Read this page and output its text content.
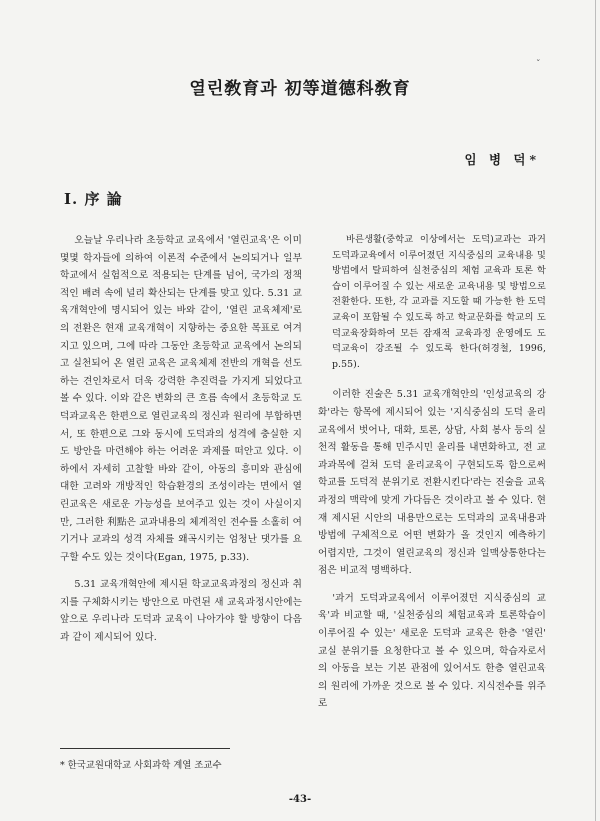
ˇ
열린敎育과 初等道德科敎育
임 병 덕*
Ⅰ. 序 論

오늘날 우리나라 초등학교 교육에서 '열린교육'은 이미 몇몇 학자들에 의하여 이론적 수준에서 논의되거나 일부 학교에서 실험적으로 적용되는 단계를 넘어, 국가의 정책적인 배려 속에 널리 확산되는 단계를 맞고 있다. 5.31 교육개혁안에 명시되어 있는 바와 같이, '열린 교육체제'로의 전환은 현재 교육개혁이 지향하는 중요한 목표로 여겨지고 있으며, 그에 따라 그동안 초등학교 교육에서 논의되고 실천되어 온 열린 교육은 교육체제 전반의 개혁을 선도하는 견인차로서 더욱 강력한 추진력을 가지게 되었다고 볼 수 있다. 이와 같은 변화의 큰 흐름 속에서 초등학교 도덕과교육은 한편으로 열린교육의 정신과 원리에 부합하면서, 또 한편으로 그와 동시에 도덕과의 성격에 충실한 지도 방안을 마련해야 하는 어려운 과제를 떠안고 있다. 이하에서 자세히 고찰할 바와 같이, 아동의 흥미와 관심에 대한 고려와 개방적인 학습환경의 조성이라는 면에서 열린교육은 새로운 가능성을 보여주고 있는 것이 사실이지만, 그러한 利點은 교과내용의 체계적인 전수를 소홀히 여기거나 교과의 성격 자체를 왜곡시키는 엄청난 댓가를 요구할 수도 있는 것이다(Egan, 1975, p.33).

5.31 교육개혁안에 제시된 학교교육과정의 정신과 취지를 구체화시키는 방안으로 마련된 새 교육과정시안에는 앞으로 우리나라 도덕과 교육이 나아가야 할 방향이 다음과 같이 제시되어 있다.

바른생활(중학교 이상에서는 도덕)교과는 과거 도덕과교육에서 이루어졌던 지식중심의 교육내용 및 방법에서 탈피하여 실천중심의 체험 교육과 토론 학습이 이루어질 수 있는 새로운 교육내용 및 방법으로 전환한다. 또한, 각 교과를 지도할 때 가능한 한 도덕교육이 포함될 수 있도록 하고 학교문화를 학교의 도덕교육장화하여 모든 잠재적 교육과정 운영에도 도덕교육이 강조될 수 있도록 한다(허경철, 1996, p.55).

이러한 진술은 5.31 교육개혁안의 '인성교육의 강화'라는 항목에 제시되어 있는 '지식중심의 도덕 윤리 교육에서 벗어나, 대화, 토론, 상담, 사회 봉사 등의 실천적 활동을 통해 민주시민 윤리를 내면화하고, 전 교과과목에 걸쳐 도덕 윤리교육이 구현되도록 함으로써 학교를 도덕적 분위기로 전환시킨다'라는 진술을 교육과정의 맥락에 맞게 가다듬은 것이라고 볼 수 있다. 현재 제시된 시안의 내용만으로는 도덕과의 교육내용과 방법에 구체적으로 어떤 변화가 올 것인지 예측하기 어렵지만, 그것이 열린교육의 정신과 일맥상통한다는 점은 비교적 명백하다.

'과거 도덕과교육에서 이루어졌던 지식중심의 교육'과 비교할 때, '실천중심의 체험교육과 토론학습이 이루어질 수 있는' 새로운 도덕과 교육은 한층 '열린' 교실 분위기를 요청한다고 볼 수 있으며, 학습자로서의 아동을 보는 기본 관점에 있어서도 한층 열린교육의 원리에 가까운 것으로 볼 수 있다. 지식전수를 위주로

* 한국교원대학교 사회과학 계열 조교수
-43-
